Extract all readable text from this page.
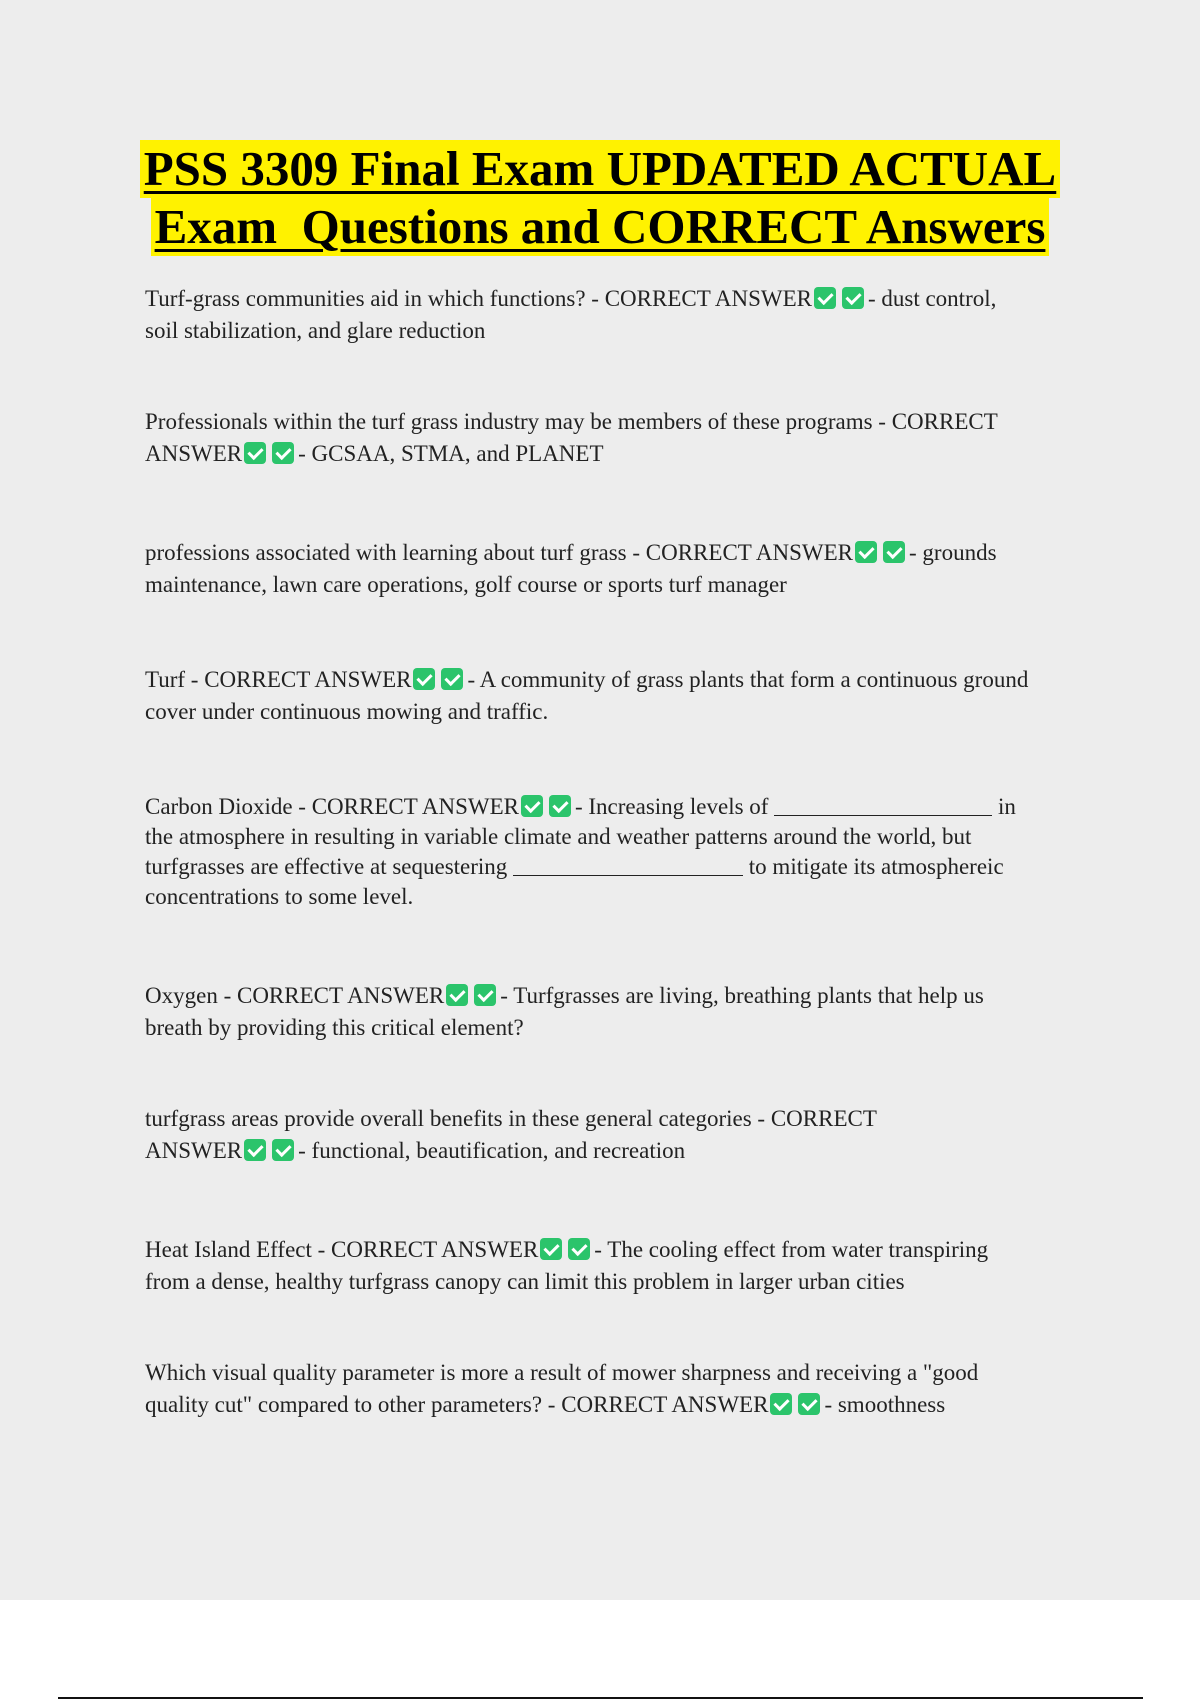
PSS 3309 Final Exam UPDATED ACTUAL
Exam  Questions and CORRECT Answers
Turf-grass communities aid in which functions? - CORRECT ANSWER - dust control,
soil stabilization, and glare reduction
Professionals within the turf grass industry may be members of these programs - CORRECT
ANSWER - GCSAA, STMA, and PLANET
professions associated with learning about turf grass - CORRECT ANSWER - grounds
maintenance, lawn care operations, golf course or sports turf manager
Turf - CORRECT ANSWER - A community of grass plants that form a continuous ground
cover under continuous mowing and traffic.
Carbon Dioxide - CORRECT ANSWER - Increasing levels of	in
the atmosphere in resulting in variable climate and weather patterns around the world, but
turfgrasses are effective at sequestering	to mitigate its atmosphereic
concentrations to some level.
Oxygen - CORRECT ANSWER - Turfgrasses are living, breathing plants that help us
breath by providing this critical element?
turfgrass areas provide overall benefits in these general categories - CORRECT
ANSWER - functional, beautification, and recreation
Heat Island Effect - CORRECT ANSWER - The cooling effect from water transpiring
from a dense, healthy turfgrass canopy can limit this problem in larger urban cities
Which visual quality parameter is more a result of mower sharpness and receiving a "good
quality cut" compared to other parameters? - CORRECT ANSWER - smoothness
